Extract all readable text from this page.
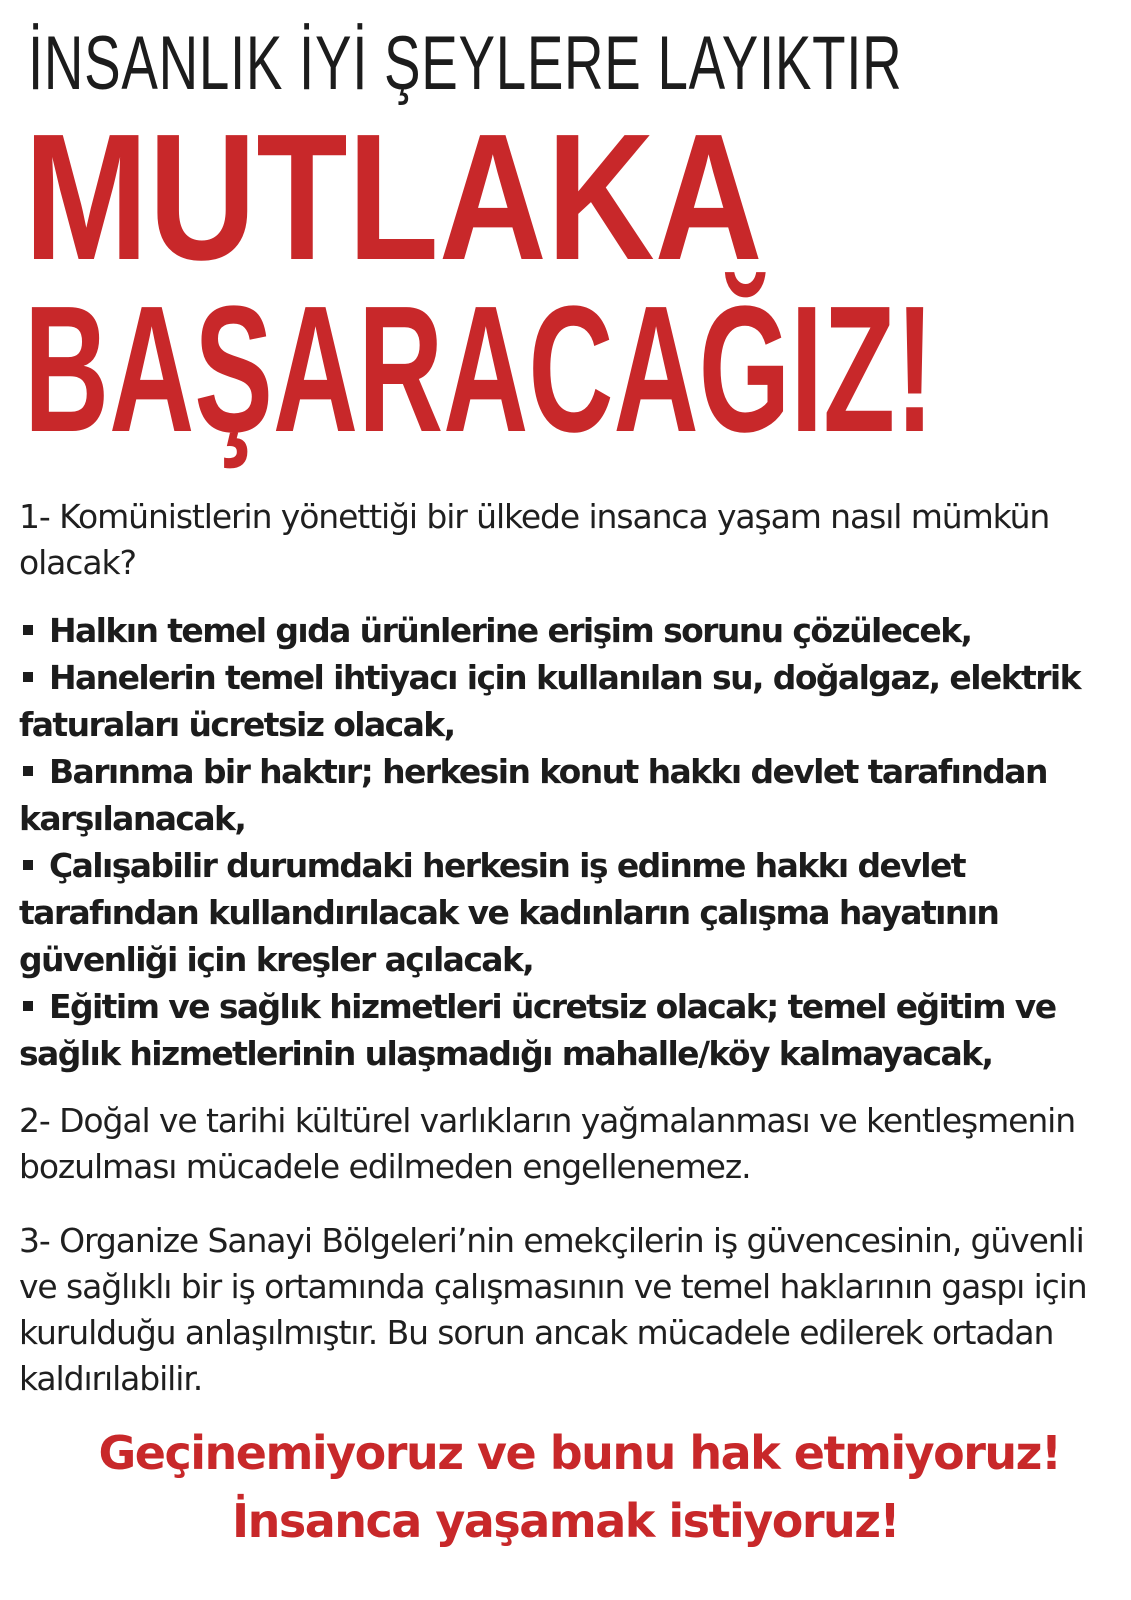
İNSANLIK İYİ ŞEYLERE LAYIKTIR
MUTLAKA
BAŞARACAĞIZ!
1- Komünistlerin yönettiği bir ülkede insanca yaşam nasıl mümkün olacak?
Halkın temel gıda ürünlerine erişim sorunu çözülecek,
Hanelerin temel ihtiyacı için kullanılan su, doğalgaz, elektrik faturaları ücretsiz olacak,
Barınma bir haktır; herkesin konut hakkı devlet tarafından karşılanacak,
Çalışabilir durumdaki herkesin iş edinme hakkı devlet tarafından kullandırılacak ve kadınların çalışma hayatının güvenliği için kreşler açılacak,
Eğitim ve sağlık hizmetleri ücretsiz olacak; temel eğitim ve sağlık hizmetlerinin ulaşmadığı mahalle/köy kalmayacak,
2- Doğal ve tarihi kültürel varlıkların yağmalanması ve kentleşmenin bozulması mücadele edilmeden engellenemez.
3- Organize Sanayi Bölgeleri’nin emekçilerin iş güvencesinin, güvenli ve sağlıklı bir iş ortamında çalışmasının ve temel haklarının gaspı için kurulduğu anlaşılmıştır. Bu sorun ancak mücadele edilerek ortadan kaldırılabilir.
Geçinemiyoruz ve bunu hak etmiyoruz!
İnsanca yaşamak istiyoruz!
